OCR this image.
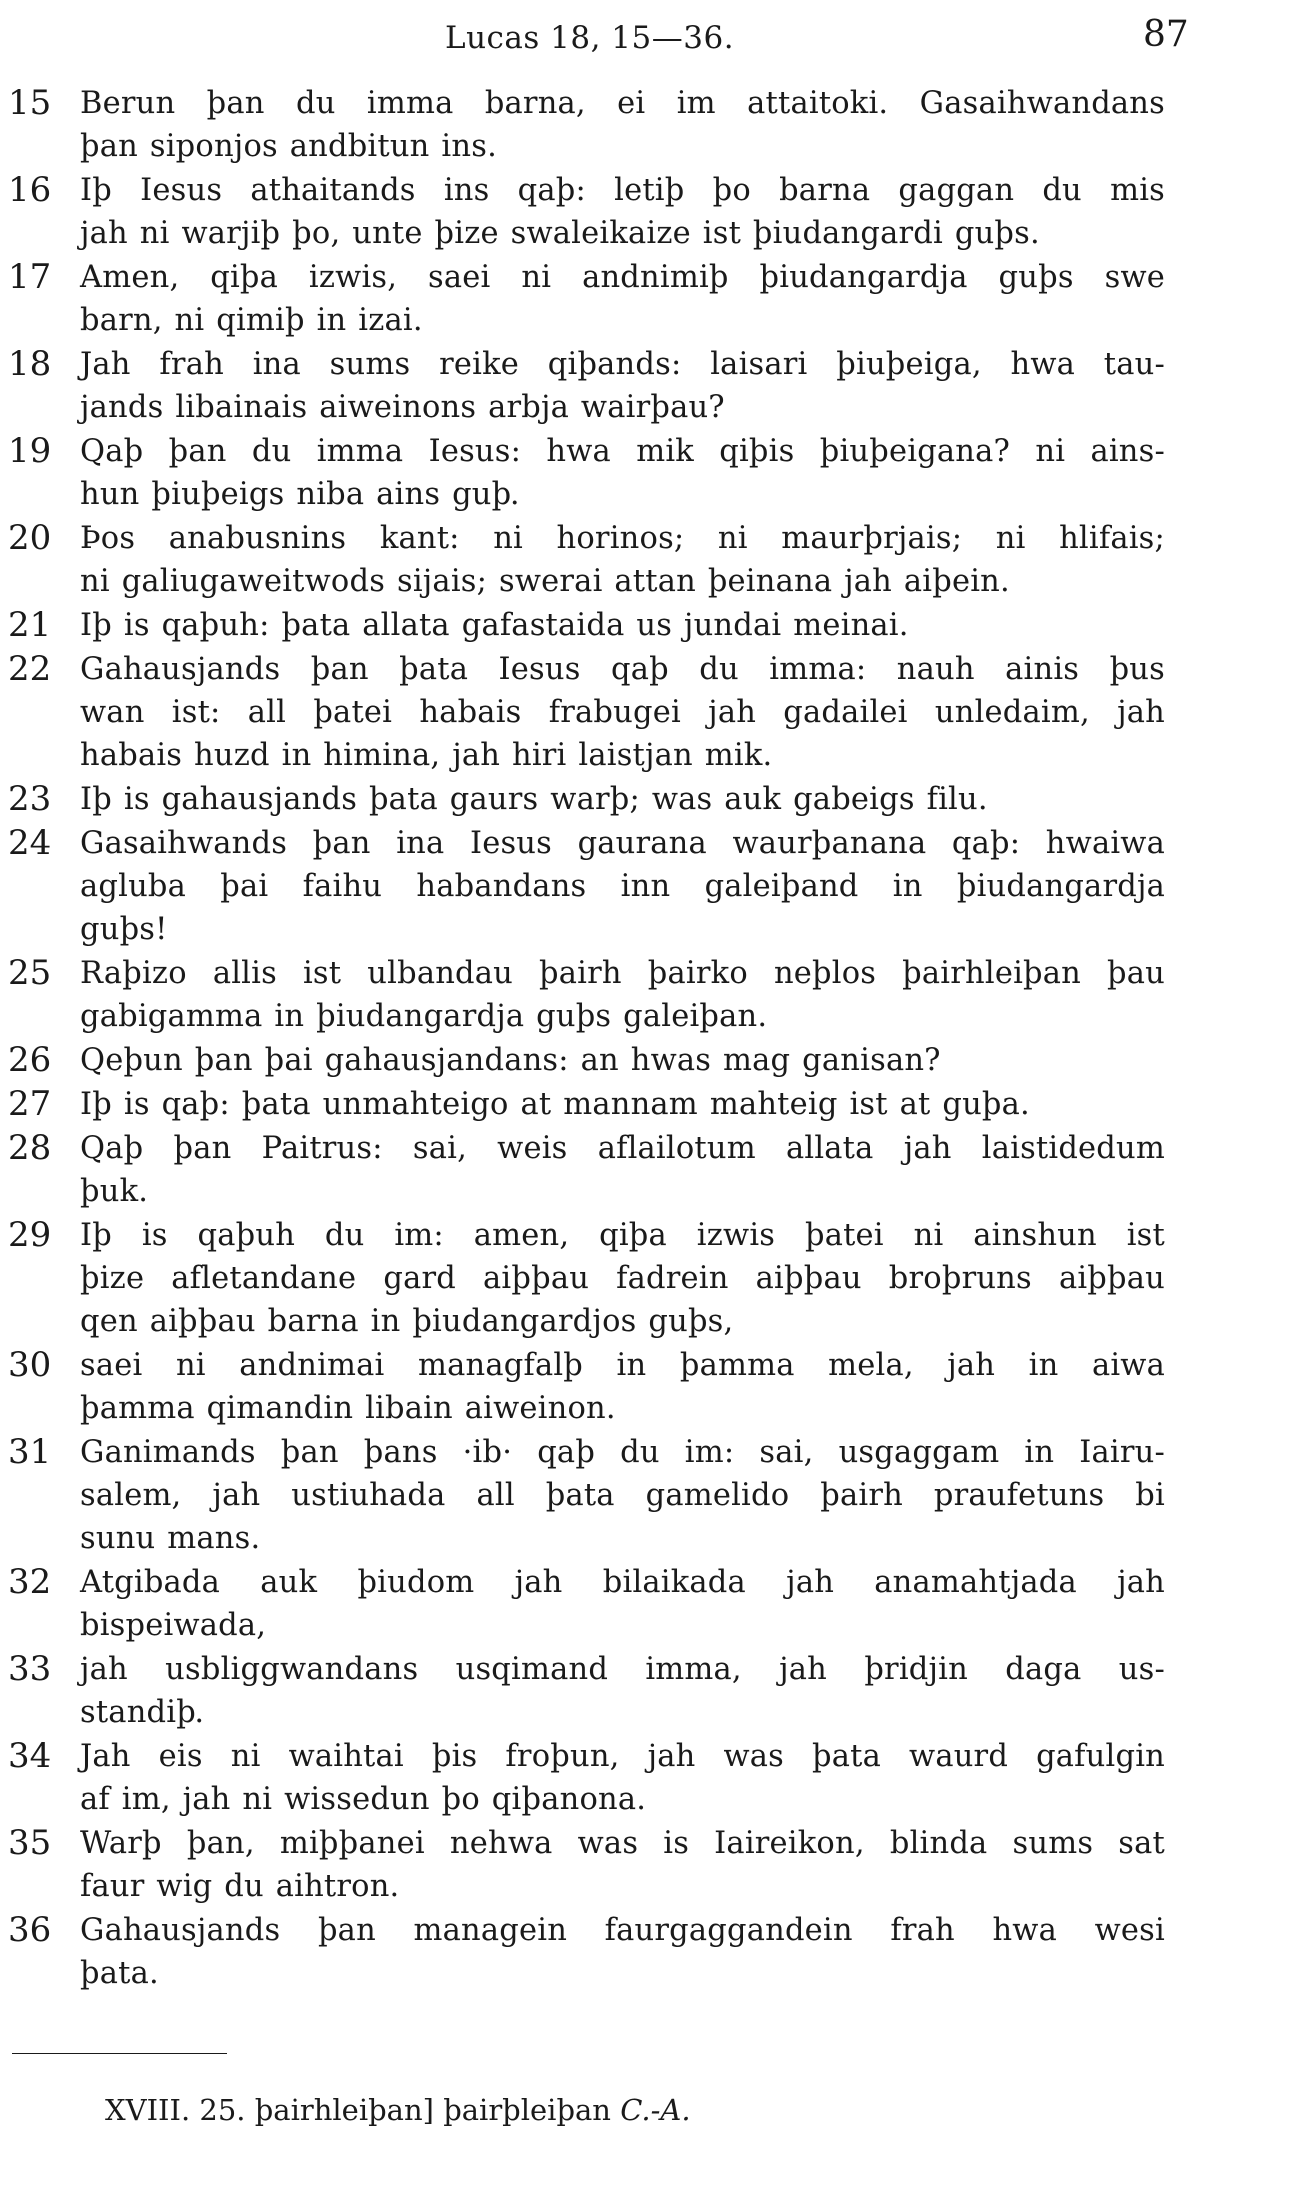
Lucas 18, 15—36.	87
15 Berun þan du imma barna, ei im attaitoki. Gasaihwandans
þan siponjos andbitun ins.
16 Iþ Iesus athaitands ins qaþ: letiþ þo barna gaggan du mis
jah ni warjiþ þo, unte þize swaleikaize ist þiudangardi guþs.
17 Amen, qiþa izwis, saei ni andnimiþ þiudangardja guþs swe
barn, ni qimiþ in izai.
18 Jah frah ina sums reike qiþands: laisari þiuþeiga, hwa tau-
jands libainais aiweinons arbja wairþau?
19 Qaþ þan du imma Iesus: hwa mik qiþis þiuþeigana? ni ains-
hun þiuþeigs niba ains guþ.
20 Þos anabusnins kant: ni horinos; ni maurþrjais; ni hlifais;
ni galiugaweitwods sijais; swerai attan þeinana jah aiþein.
21 Iþ is qaþuh: þata allata gafastaida us jundai meinai.
22 Gahausjands þan þata Iesus qaþ du imma: nauh ainis þus
wan ist: all þatei habais frabugei jah gadailei unledaim, jah
habais huzd in himina, jah hiri laistjan mik.
23 Iþ is gahausjands þata gaurs warþ; was auk gabeigs filu.
24 Gasaihwands þan ina Iesus gaurana waurþanana qaþ: hwaiwa
agluba þai faihu habandans inn galeiþand in þiudangardja
guþs!
25 Raþizo allis ist ulbandau þairh þairko neþlos þairhleiþan þau
gabigamma in þiudangardja guþs galeiþan.
26 Qeþun þan þai gahausjandans: an hwas mag ganisan?
27 Iþ is qaþ: þata unmahteigo at mannam mahteig ist at guþa.
28 Qaþ þan Paitrus: sai, weis aflailotum allata jah laistidedum
þuk.
29 Iþ is qaþuh du im: amen, qiþa izwis þatei ni ainshun ist
þize afletandane gard aiþþau fadrein aiþþau broþruns aiþþau
qen aiþþau barna in þiudangardjos guþs,
30 saei ni andnimai managfalþ in þamma mela, jah in aiwa
þamma qimandin libain aiweinon.
31 Ganimands þan þans ·ib· qaþ du im: sai, usgaggam in Iairu-
salem, jah ustiuhada all þata gamelido þairh praufetuns bi
sunu mans.
32 Atgibada auk þiudom jah bilaikada jah anamahtjada jah
bispeiwada,
33 jah usbliggwandans usqimand imma, jah þridjin daga us-
standiþ.
34 Jah eis ni waihtai þis froþun, jah was þata waurd gafulgin
af im, jah ni wissedun þo qiþanona.
35 Warþ þan, miþþanei nehwa was is Iaireikon, blinda sums sat
faur wig du aihtron.
36 Gahausjands þan managein faurgaggandein frah hwa wesi
þata.
XVIII. 25. þairhleiþan] þairþleiþan C.-A.
